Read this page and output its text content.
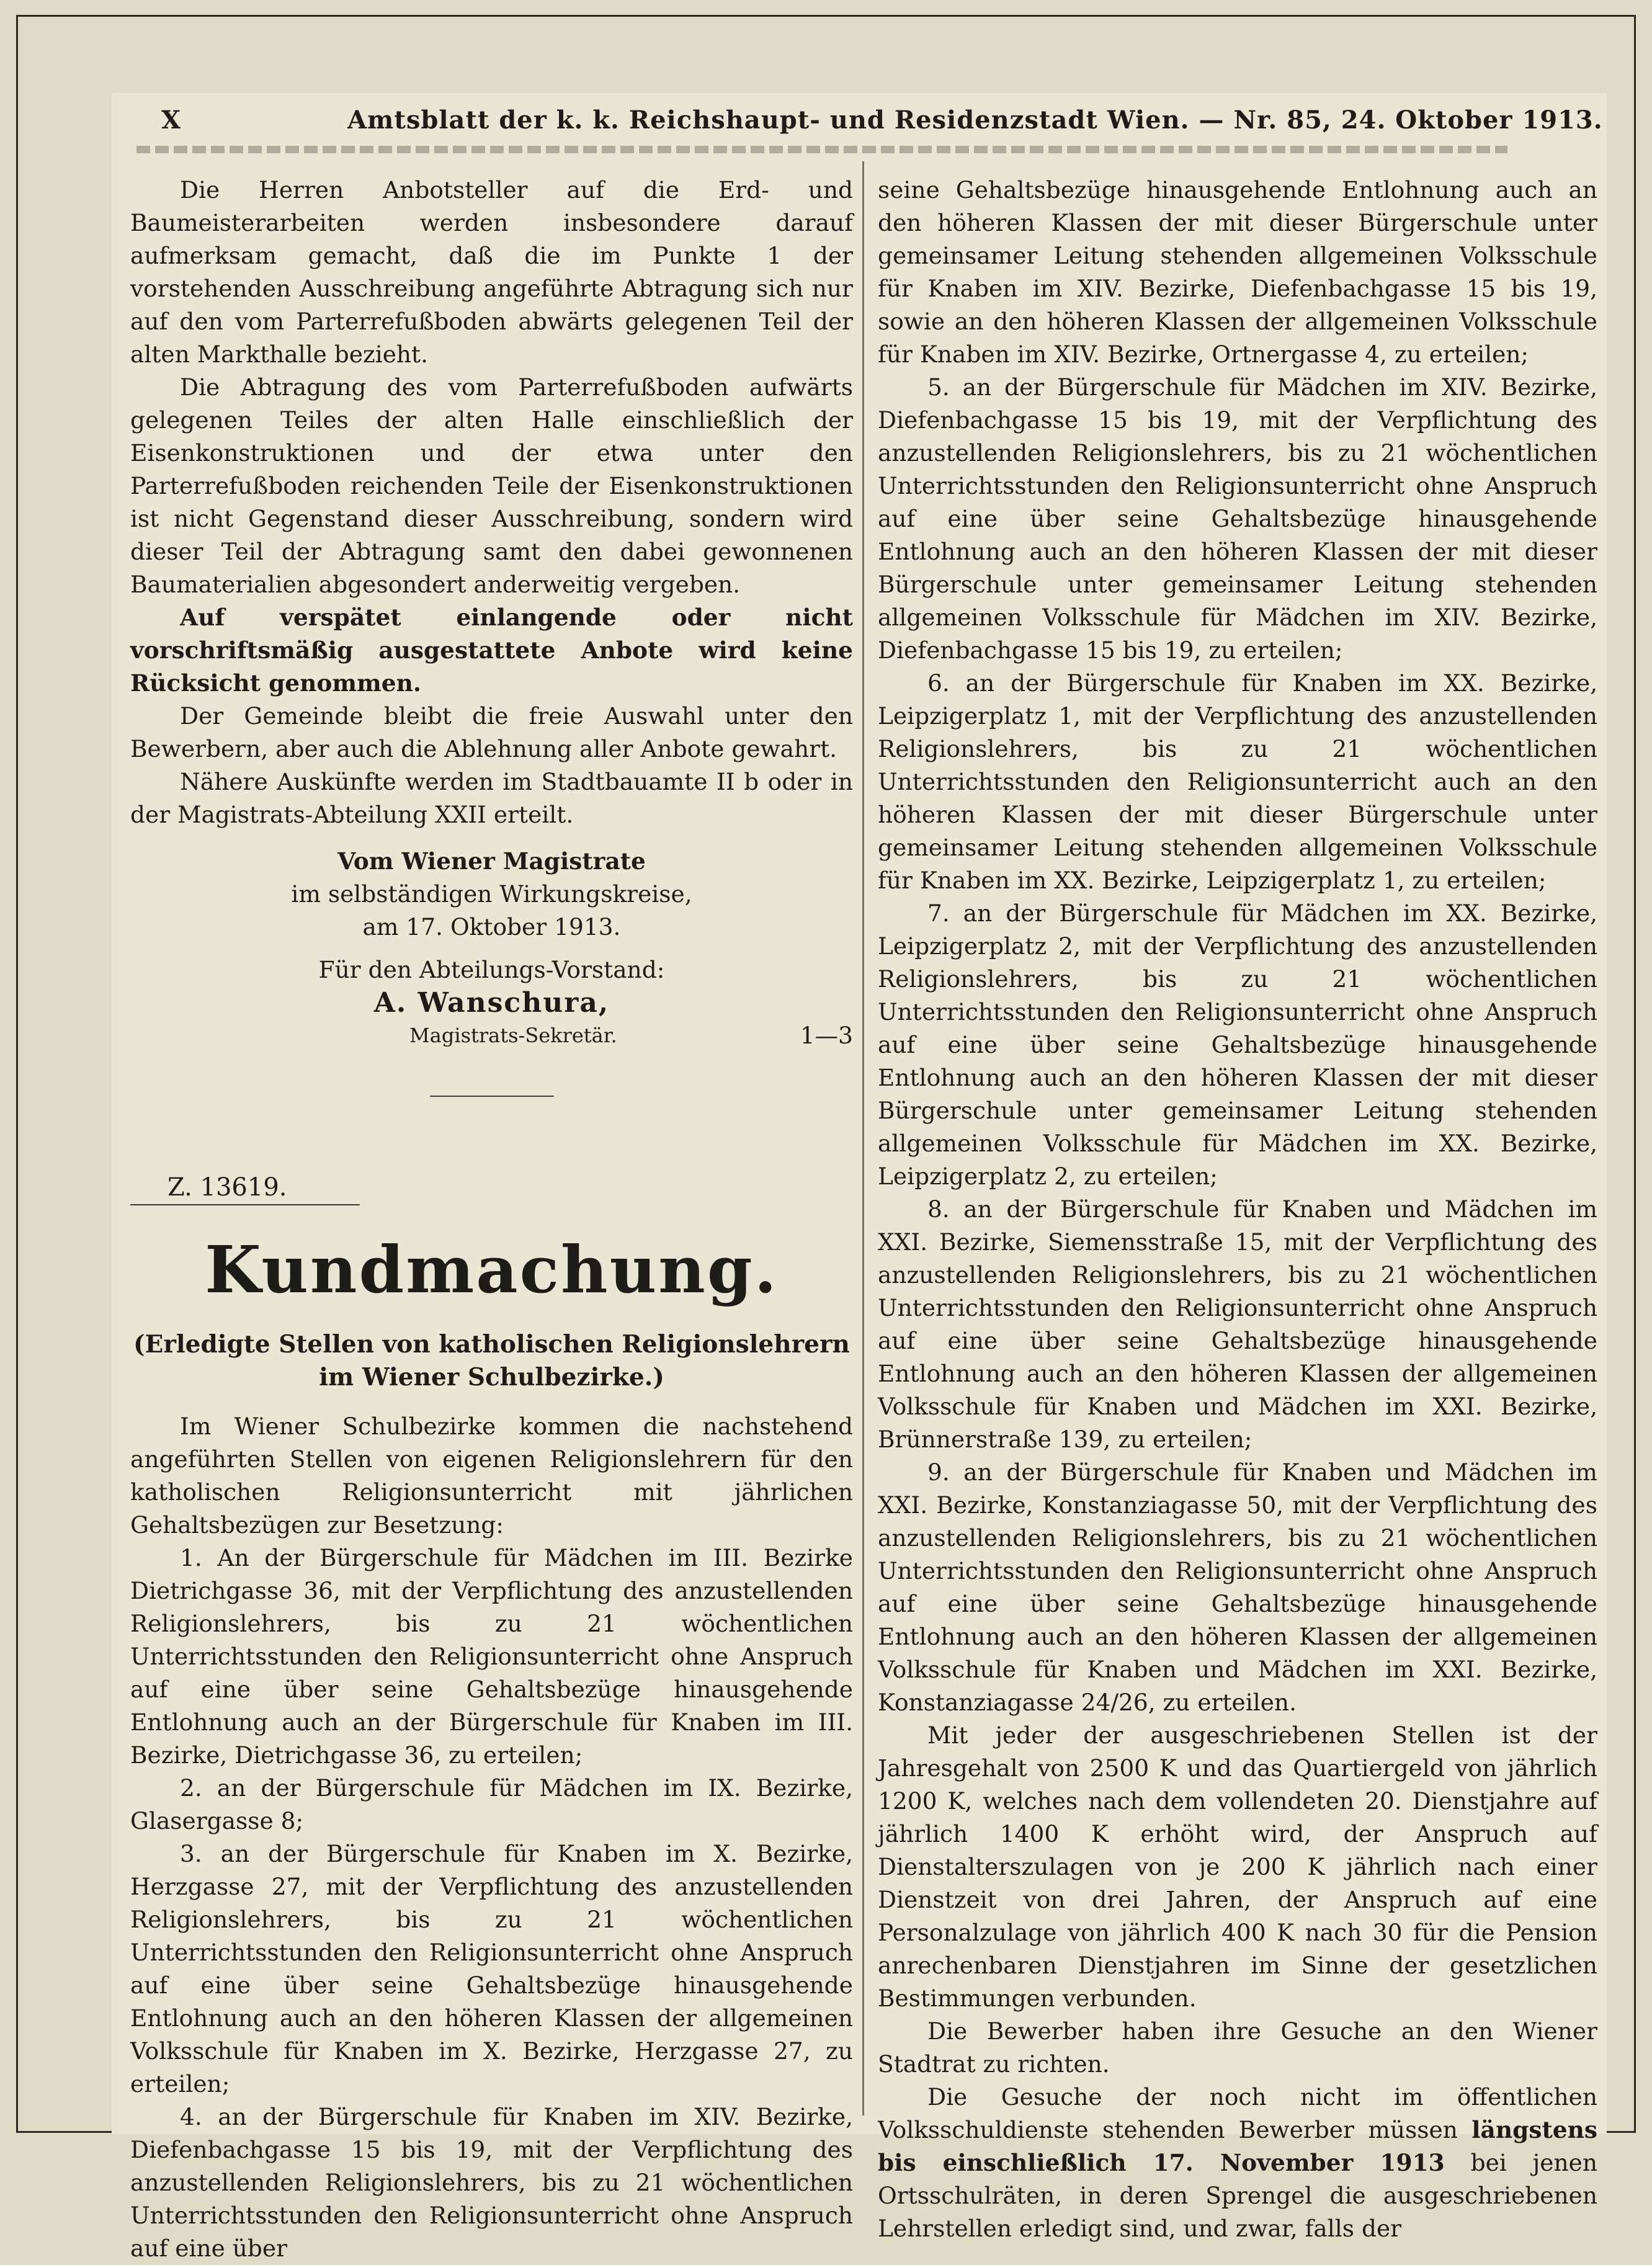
X	Amtsblatt der k. k. Reichshaupt- und Residenzstadt Wien. — Nr. 85, 24. Oktober 1913.

Die Herren Anbotsteller auf die Erd- und Baumeisterarbeiten werden insbesondere darauf aufmerksam gemacht, daß die im Punkte 1 der vorstehenden Ausschreibung angeführte Abtragung sich nur auf den vom Parterrefußboden abwärts gelegenen Teil der alten Markthalle bezieht.

Die Abtragung des vom Parterrefußboden aufwärts gelegenen Teiles der alten Halle einschließlich der Eisenkonstruktionen und der etwa unter den Parterrefußboden reichenden Teile der Eisenkonstruktionen ist nicht Gegenstand dieser Ausschreibung, sondern wird dieser Teil der Abtragung samt den dabei gewonnenen Baumaterialien abgesondert anderweitig vergeben.

Auf verspätet einlangende oder nicht vorschriftsmäßig ausgestattete Anbote wird keine Rücksicht genommen.

Der Gemeinde bleibt die freie Auswahl unter den Bewerbern, aber auch die Ablehnung aller Anbote gewahrt.

Nähere Auskünfte werden im Stadtbauamte II b oder in der Magistrats-Abteilung XXII erteilt.

Vom Wiener Magistrate
im selbständigen Wirkungskreise,
am 17. Oktober 1913.
Für den Abteilungs-Vorstand:
A. Wanschura,
Magistrats-Sekretär.	1—3
Z. 13619.
Kundmachung.
(Erledigte Stellen von katholischen Religionslehrern im Wiener Schulbezirke.)

Im Wiener Schulbezirke kommen die nachstehend angeführten Stellen von eigenen Religionslehrern für den katholischen Religionsunterricht mit jährlichen Gehaltsbezügen zur Besetzung:

1. An der Bürgerschule für Mädchen im III. Bezirke Dietrichgasse 36, mit der Verpflichtung des anzustellenden Religionslehrers, bis zu 21 wöchentlichen Unterrichtsstunden den Religionsunterricht ohne Anspruch auf eine über seine Gehaltsbezüge hinausgehende Entlohnung auch an der Bürgerschule für Knaben im III. Bezirke, Dietrichgasse 36, zu erteilen;

2. an der Bürgerschule für Mädchen im IX. Bezirke, Glasergasse 8;

3. an der Bürgerschule für Knaben im X. Bezirke, Herzgasse 27, mit der Verpflichtung des anzustellenden Religionslehrers, bis zu 21 wöchentlichen Unterrichtsstunden den Religionsunterricht ohne Anspruch auf eine über seine Gehaltsbezüge hinausgehende Entlohnung auch an den höheren Klassen der allgemeinen Volksschule für Knaben im X. Bezirke, Herzgasse 27, zu erteilen;

4. an der Bürgerschule für Knaben im XIV. Bezirke, Diefenbachgasse 15 bis 19, mit der Verpflichtung des anzustellenden Religionslehrers, bis zu 21 wöchentlichen Unterrichtsstunden den Religionsunterricht ohne Anspruch auf eine über

seine Gehaltsbezüge hinausgehende Entlohnung auch an den höheren Klassen der mit dieser Bürgerschule unter gemeinsamer Leitung stehenden allgemeinen Volksschule für Knaben im XIV. Bezirke, Diefenbachgasse 15 bis 19, sowie an den höheren Klassen der allgemeinen Volksschule für Knaben im XIV. Bezirke, Ortnergasse 4, zu erteilen;

5. an der Bürgerschule für Mädchen im XIV. Bezirke, Diefenbachgasse 15 bis 19, mit der Verpflichtung des anzustellenden Religionslehrers, bis zu 21 wöchentlichen Unterrichtsstunden den Religionsunterricht ohne Anspruch auf eine über seine Gehaltsbezüge hinausgehende Entlohnung auch an den höheren Klassen der mit dieser Bürgerschule unter gemeinsamer Leitung stehenden allgemeinen Volksschule für Mädchen im XIV. Bezirke, Diefenbachgasse 15 bis 19, zu erteilen;

6. an der Bürgerschule für Knaben im XX. Bezirke, Leipzigerplatz 1, mit der Verpflichtung des anzustellenden Religionslehrers, bis zu 21 wöchentlichen Unterrichtsstunden den Religionsunterricht auch an den höheren Klassen der mit dieser Bürgerschule unter gemeinsamer Leitung stehenden allgemeinen Volksschule für Knaben im XX. Bezirke, Leipzigerplatz 1, zu erteilen;

7. an der Bürgerschule für Mädchen im XX. Bezirke, Leipzigerplatz 2, mit der Verpflichtung des anzustellenden Religionslehrers, bis zu 21 wöchentlichen Unterrichtsstunden den Religionsunterricht ohne Anspruch auf eine über seine Gehaltsbezüge hinausgehende Entlohnung auch an den höheren Klassen der mit dieser Bürgerschule unter gemeinsamer Leitung stehenden allgemeinen Volksschule für Mädchen im XX. Bezirke, Leipzigerplatz 2, zu erteilen;

8. an der Bürgerschule für Knaben und Mädchen im XXI. Bezirke, Siemensstraße 15, mit der Verpflichtung des anzustellenden Religionslehrers, bis zu 21 wöchentlichen Unterrichtsstunden den Religionsunterricht ohne Anspruch auf eine über seine Gehaltsbezüge hinausgehende Entlohnung auch an den höheren Klassen der allgemeinen Volksschule für Knaben und Mädchen im XXI. Bezirke, Brünnerstraße 139, zu erteilen;

9. an der Bürgerschule für Knaben und Mädchen im XXI. Bezirke, Konstanziagasse 50, mit der Verpflichtung des anzustellenden Religionslehrers, bis zu 21 wöchentlichen Unterrichtsstunden den Religionsunterricht ohne Anspruch auf eine über seine Gehaltsbezüge hinausgehende Entlohnung auch an den höheren Klassen der allgemeinen Volksschule für Knaben und Mädchen im XXI. Bezirke, Konstanziagasse 24/26, zu erteilen.

Mit jeder der ausgeschriebenen Stellen ist der Jahresgehalt von 2500 K und das Quartiergeld von jährlich 1200 K, welches nach dem vollendeten 20. Dienstjahre auf jährlich 1400 K erhöht wird, der Anspruch auf Dienstalterszulagen von je 200 K jährlich nach einer Dienstzeit von drei Jahren, der Anspruch auf eine Personalzulage von jährlich 400 K nach 30 für die Pension anrechenbaren Dienstjahren im Sinne der gesetzlichen Bestimmungen verbunden.

Die Bewerber haben ihre Gesuche an den Wiener Stadtrat zu richten.

Die Gesuche der noch nicht im öffentlichen Volksschuldienste stehenden Bewerber müssen längstens bis einschließlich 17. November 1913 bei jenen Ortsschulräten, in deren Sprengel die ausgeschriebenen Lehrstellen erledigt sind, und zwar, falls der
